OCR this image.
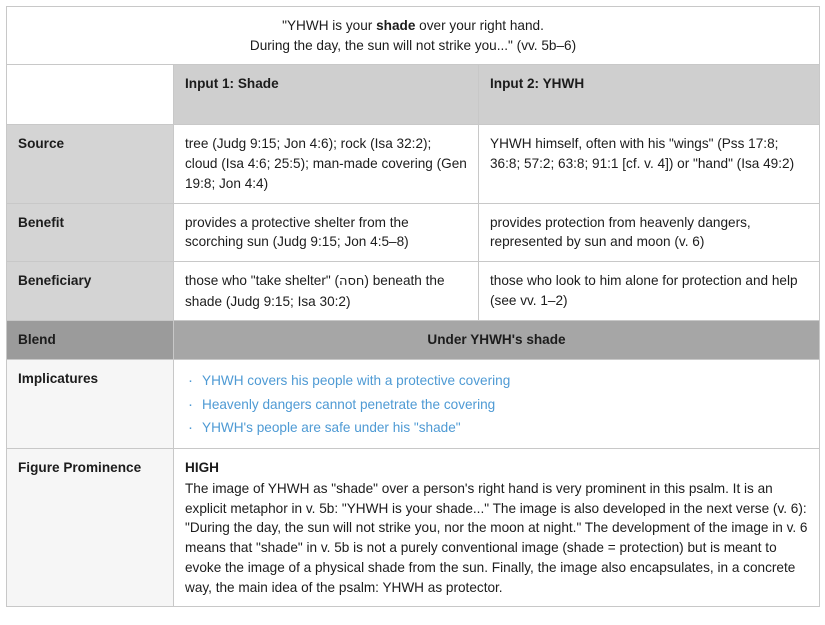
"YHWH is your shade over your right hand.
During the day, the sun will not strike you..." (vv. 5b–6)		

	Input 1: Shade	Input 2: YHWH
Source	tree (Judg 9:15; Jon 4:6); rock (Isa 32:2); cloud (Isa 4:6; 25:5); man-made covering (Gen 19:8; Jon 4:4)	YHWH himself, often with his "wings" (Pss 17:8; 36:8; 57:2; 63:8; 91:1 [cf. v. 4]) or "hand" (Isa 49:2)
Benefit	provides a protective shelter from the scorching sun (Judg 9:15; Jon 4:5–8)	provides protection from heavenly dangers, represented by sun and moon (v. 6)
Beneficiary	those who "take shelter" (חסה) beneath the shade (Judg 9:15; Isa 30:2)	those who look to him alone for protection and help (see vv. 1–2)
Blend	Under YHWH's shade	
Implicatures	
·YHWH covers his people with a protective covering
· Heavenly dangers cannot penetrate the covering
· YHWH's people are safe under his "shade"

Figure Prominence	HIGH
The image of YHWH as "shade" over a person's right hand is very prominent in this psalm. It is an explicit metaphor in v. 5b: "YHWH is your shade..." The image is also developed in the next verse (v. 6): "During the day, the sun will not strike you, nor the moon at night." The development of the image in v. 6 means that "shade" in v. 5b is not a purely conventional image (shade = protection) but is meant to evoke the image of a physical shade from the sun. Finally, the image also encapsulates, in a concrete way, the main idea of the psalm: YHWH as protector.	
